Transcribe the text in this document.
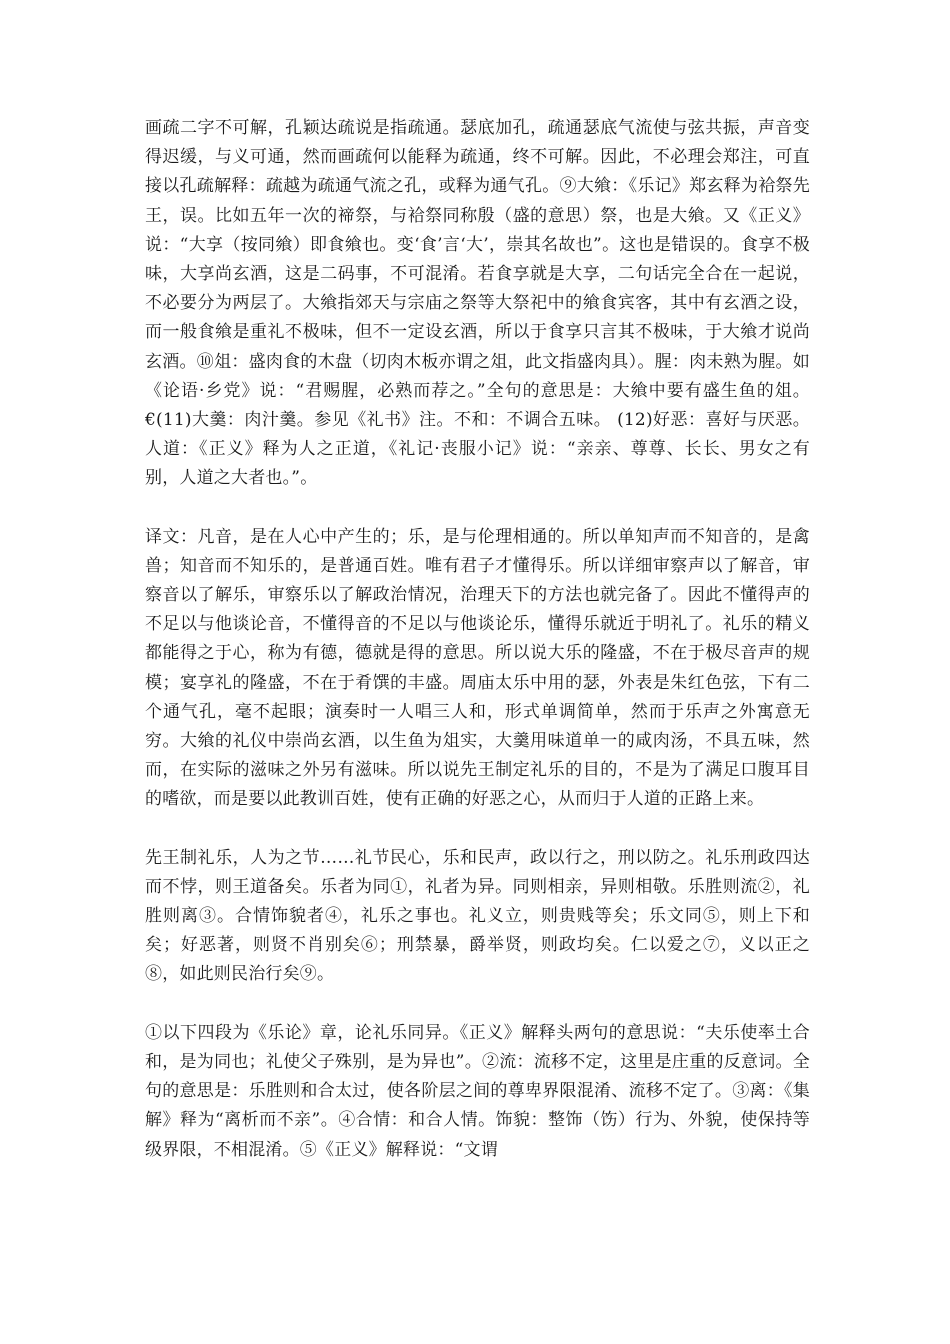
画疏二字不可解，孔颖达疏说是指疏通。瑟底加孔，疏通瑟底气流使与弦共振，声音变得迟缓，与义可通，然而画疏何以能释为疏通，终不可解。因此，不必理会郑注，可直接以孔疏解释：疏越为疏通气流之孔，或释为通气孔。⑨大飨：《乐记》郑玄释为袷祭先王，误。比如五年一次的禘祭，与袷祭同称殷（盛的意思）祭，也是大飨。又《正义》说：“大享（按同飨）即食飨也。变‘食’言‘大’，崇其名故也”。这也是错误的。食享不极味，大享尚玄酒，这是二码事，不可混淆。若食享就是大享，二句话完全合在一起说，不必要分为两层了。大飨指郊天与宗庙之祭等大祭祀中的飨食宾客，其中有玄酒之设，而一般食飨是重礼不极味，但不一定设玄酒，所以于食享只言其不极味，于大飨才说尚玄酒。⑩俎：盛肉食的木盘（切肉木板亦谓之俎，此文指盛肉具）。腥：肉未熟为腥。如《论语·乡党》说：“君赐腥，必熟而荐之。”全句的意思是：大飨中要有盛生鱼的俎。€(11)大羹：肉汁羹。参见《礼书》注。不和：不调合五味。 (12)好恶：喜好与厌恶。人道：《正义》释为人之正道，《礼记·丧服小记》说：“亲亲、尊尊、长长、男女之有别，人道之大者也。”。

译文：凡音，是在人心中产生的；乐，是与伦理相通的。所以单知声而不知音的，是禽兽；知音而不知乐的，是普通百姓。唯有君子才懂得乐。所以详细审察声以了解音，审察音以了解乐，审察乐以了解政治情况，治理天下的方法也就完备了。因此不懂得声的不足以与他谈论音，不懂得音的不足以与他谈论乐，懂得乐就近于明礼了。礼乐的精义都能得之于心，称为有德，德就是得的意思。所以说大乐的隆盛，不在于极尽音声的规模；宴享礼的隆盛，不在于肴馔的丰盛。周庙太乐中用的瑟，外表是朱红色弦，下有二个通气孔，毫不起眼；演奏时一人唱三人和，形式单调简单，然而于乐声之外寓意无穷。大飨的礼仪中崇尚玄酒，以生鱼为俎实，大羹用味道单一的咸肉汤，不具五味，然而，在实际的滋味之外另有滋味。所以说先王制定礼乐的目的，不是为了满足口腹耳目的嗜欲，而是要以此教训百姓，使有正确的好恶之心，从而归于人道的正路上来。

先王制礼乐，人为之节……礼节民心，乐和民声，政以行之，刑以防之。礼乐刑政四达而不悖，则王道备矣。乐者为同①，礼者为异。同则相亲，异则相敬。乐胜则流②，礼胜则离③。合情饰貌者④，礼乐之事也。礼义立，则贵贱等矣；乐文同⑤，则上下和矣；好恶著，则贤不肖别矣⑥；刑禁暴，爵举贤，则政均矣。仁以爱之⑦，义以正之⑧，如此则民治行矣⑨。

①以下四段为《乐论》章，论礼乐同异。《正义》解释头两句的意思说：“夫乐使率土合和，是为同也；礼使父子殊别，是为异也”。②流：流移不定，这里是庄重的反意词。全句的意思是：乐胜则和合太过，使各阶层之间的尊卑界限混淆、流移不定了。③离：《集解》释为“离析而不亲”。④合情：和合人情。饰貌：整饰（饬）行为、外貌，使保持等级界限，不相混淆。⑤《正义》解释说：“文谓
